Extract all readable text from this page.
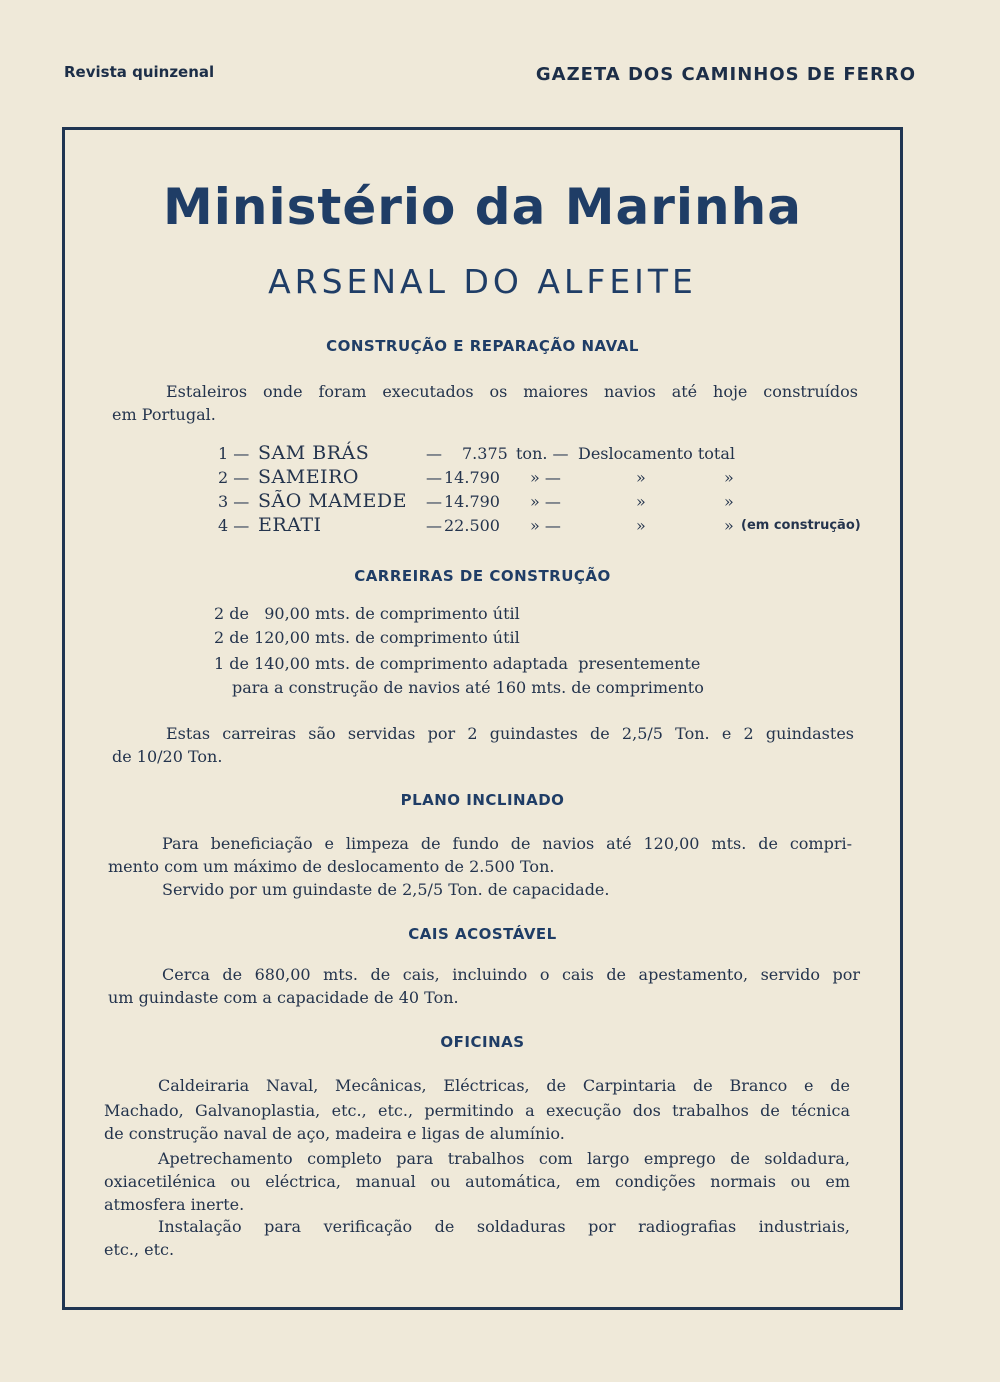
Revista quinzenal	GAZETA DOS CAMINHOS DE FERRO
Ministério da Marinha
ARSENAL DO ALFEITE
CONSTRUÇÃO E REPARAÇÃO NAVAL
Estaleiros onde foram executados os maiores navios até hoje construídos
em Portugal.
1 — SAM BRÁS	— 7.375 ton. — Deslocamento total
2 — SAMEIRO	— 14.790 » —	»	»
3 — SÃO MAMEDE — 14.790 » —	»	»
4 — ERATI	— 22.500 » —	»	» (em construção)
CARREIRAS DE CONSTRUÇÃO
2 de   90,00 mts. de comprimento útil
2 de 120,00 mts. de comprimento útil
1 de 140,00 mts. de comprimento adaptada  presentemente
para a construção de navios até 160 mts. de comprimento
Estas carreiras são servidas por 2 guindastes de 2,5/5 Ton. e 2 guindastes
de 10/20 Ton.
PLANO INCLINADO
Para beneficiação e limpeza de fundo de navios até 120,00 mts. de compri-
mento com um máximo de deslocamento de 2.500 Ton.
Servido por um guindaste de 2,5/5 Ton. de capacidade.
CAIS ACOSTÁVEL
Cerca de 680,00 mts. de cais, incluindo o cais de apestamento, servido por
um guindaste com a capacidade de 40 Ton.
OFICINAS
Caldeiraria Naval, Mecânicas, Eléctricas, de Carpintaria de Branco e de
Machado, Galvanoplastia, etc., etc., permitindo a execução dos trabalhos de técnica
de construção naval de aço, madeira e ligas de alumínio.
Apetrechamento completo para trabalhos com largo emprego de soldadura,
oxiacetilénica ou eléctrica, manual ou automática, em condições normais ou em
atmosfera inerte.
Instalação para verificação de soldaduras por radiografias industriais,
etc., etc.
